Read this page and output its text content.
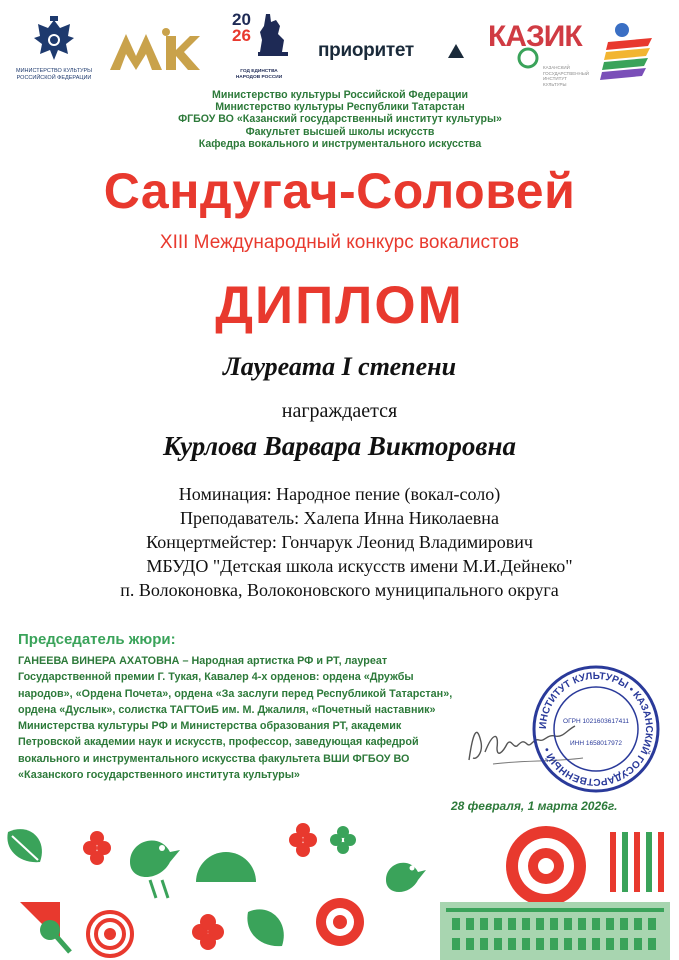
МИНИСТЕРСТВО КУЛЬТУРЫ РОССИЙСКОЙ ФЕДЕРАЦИИ
20
26
ГОД ЕДИНСТВА НАРОДОВ РОССИИ
приоритет КАЗИК
КАЗАНСКИЙ ГОСУДАРСТВЕННЫЙ ИНСТИТУТ КУЛЬТУРЫ
Министерство культуры Российской Федерации
Министерство культуры Республики Татарстан
ФГБОУ ВО «Казанский государственный институт культуры»
Факультет высшей школы искусств
Кафедра вокального и инструментального искусства
Сандугач-Соловей
XIII Международный конкурс вокалистов
ДИПЛОМ
Лауреата I степени
награждается
Курлова Варвара Викторовна
Номинация: Народное пение (вокал-соло)
Преподаватель: Халепа Инна Николаевна
Концертмейстер: Гончарук Леонид Владимирович
МБУДО "Детская школа искусств имени М.И.Дейнеко"
п. Волоконовка, Волоконовского муниципального округа
Председатель жюри:
ГАНЕЕВА ВИНЕРА АХАТОВНА – Народная артистка РФ и РТ, лауреат Государственной премии Г. Тукая, Кавалер 4-х орденов: ордена «Дружбы народов», «Ордена Почета», ордена «За заслуги перед Республикой Татарстан», ордена «Дуслык», солистка ТАГТОиБ им. М. Джалиля, «Почетный наставник» Министерства культуры РФ и Министерства образования РТ, академик Петровской академии наук и искусств, профессор, заведующая кафедрой вокального и инструментального искусства факультета ВШИ ФГБОУ ВО «Казанского государственного института культуры»
ИНСТИТУТ КУЛЬТУРЫ • КАЗАНСКИЙ ГОСУДАРСТВЕННЫЙ •
ОГРН 1021603617411
ИНН 1658017972
28 февраля, 1 марта 2026г.
